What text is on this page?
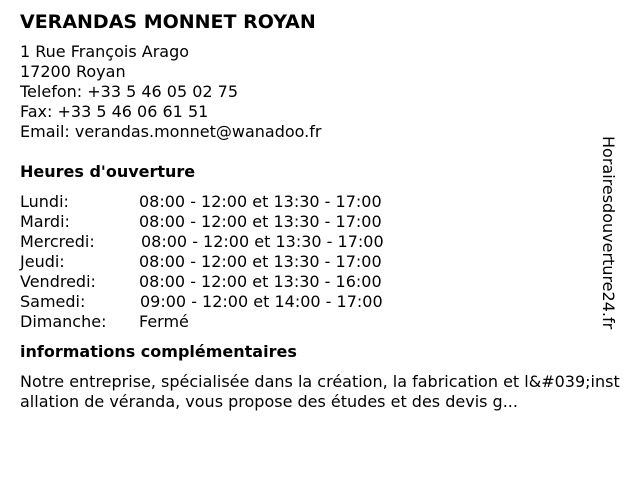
VERANDAS MONNET ROYAN
1 Rue François Arago
17200 Royan
Telefon: +33 5 46 05 02 75
Fax: +33 5 46 06 61 51
Email: verandas.monnet@wanadoo.fr
Heures d'ouverture
Lundi:	08:00 - 12:00 et 13:30 - 17:00
Mardi:	08:00 - 12:00 et 13:30 - 17:00
Mercredi:	08:00 - 12:00 et 13:30 - 17:00
Jeudi:	08:00 - 12:00 et 13:30 - 17:00
Vendredi:	08:00 - 12:00 et 13:30 - 16:00
Samedi:	09:00 - 12:00 et 14:00 - 17:00
Dimanche:	Fermé
informations complémentaires
Notre entreprise, spécialisée dans la création, la fabrication et l&#039;installation de véranda, vous propose des études et des devis g...
Horairesdouverture24.fr
